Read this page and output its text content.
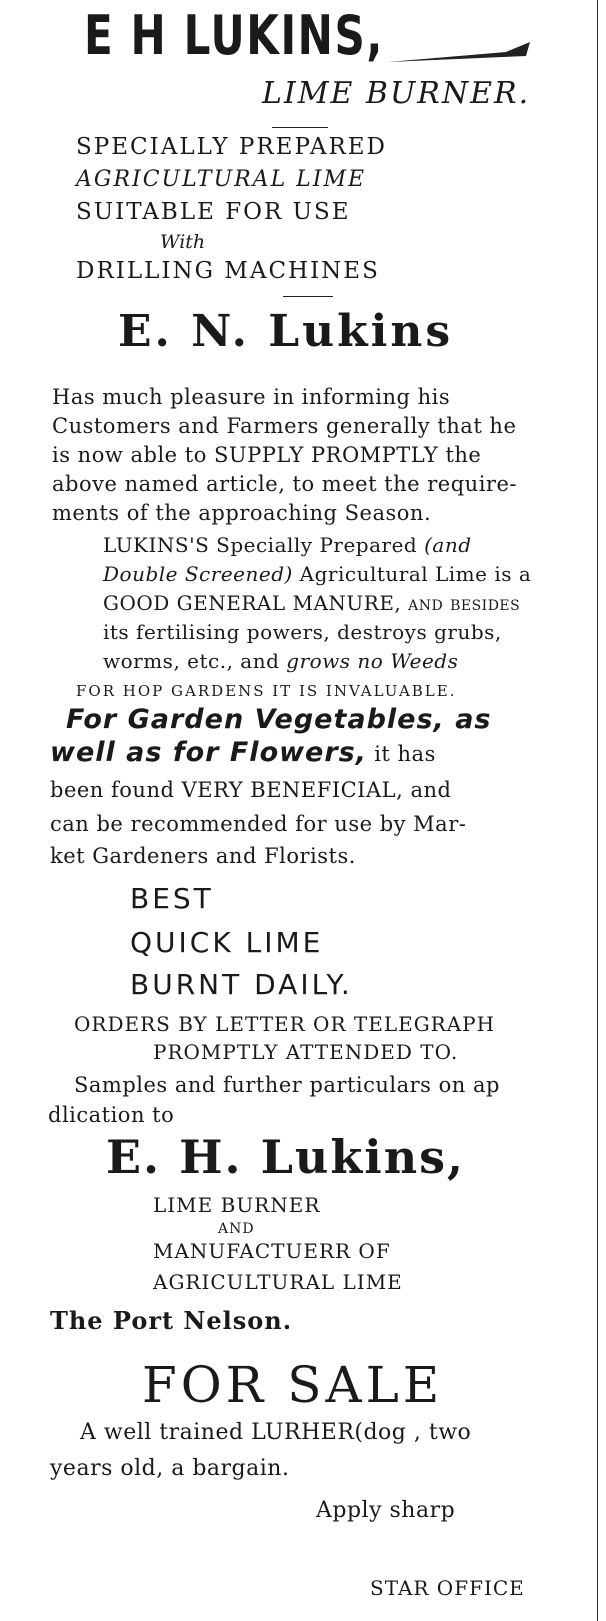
E H LUKINS,
LIME BURNER.
SPECIALLY PREPARED
AGRICULTURAL LIME
SUITABLE FOR USE
With
DRILLING MACHINES
E. N. Lukins
Has much pleasure in informing his
Customers and Farmers generally that he
is now able to SUPPLY PROMPTLY the
above named article, to meet the require-
ments of the approaching Season.
LUKINS'S Specially Prepared (and
Double Screened) Agricultural Lime is a
GOOD GENERAL MANURE, and besides
its fertilising powers, destroys grubs,
worms, etc., and grows no Weeds
FOR HOP GARDENS IT IS INVALUABLE.
For Garden Vegetables, as
well as for Flowers, it has
been found VERY BENEFICIAL, and
can be recommended for use by Mar-
ket Gardeners and Florists.
BEST
QUICK LIME
BURNT DAILY.
ORDERS BY LETTER OR TELEGRAPH
PROMPTLY ATTENDED TO.
Samples and further particulars on ap
dlication to
E. H. Lukins,
LIME BURNER
AND
MANUFACTUERR OF
AGRICULTURAL LIME
The Port Nelson.
FOR SALE
A well trained LURHER(dog , two
years old, a bargain.
Apply sharp
STAR OFFICE
